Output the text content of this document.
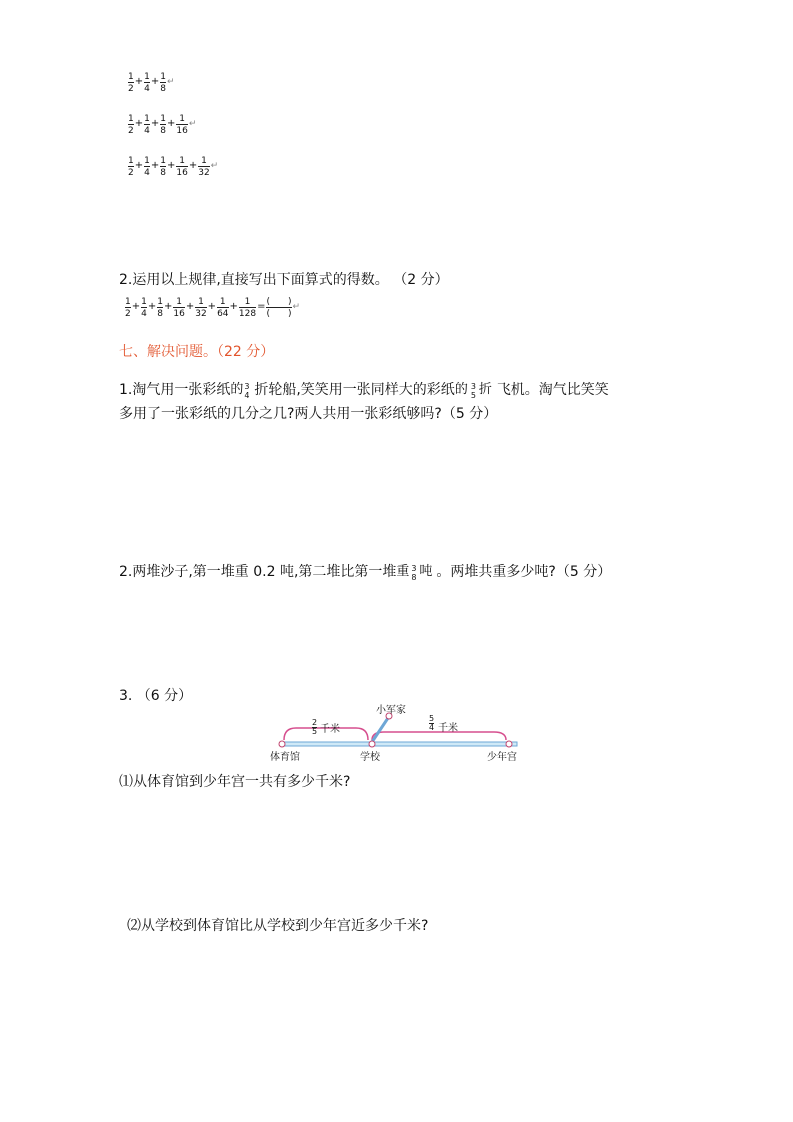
$\frac{1}{2} + \frac{1}{4} + \frac{1}{8}$ ↵
$\frac{1}{2} + \frac{1}{4} + \frac{1}{8} + \frac{1}{16}$ ↵
$\frac{1}{2} + \frac{1}{4} + \frac{1}{8} + \frac{1}{16} + \frac{1}{32}$ ↵
2.运用以上规律,直接写出下面算式的得数。 （2 分）
$\frac{1}{2} + \frac{1}{4} + \frac{1}{8} + \frac{1}{16} + \frac{1}{32} + \frac{1}{64} + \frac{1}{128} = \frac{( )}{( )}$ ↵
七、解决问题。（22 分）
1.淘气用一张彩纸 的 3
4 折轮船,笑笑用一张同样大的彩纸 的 3
5 折 飞机。淘气比笑笑
多用了一张彩纸的几分之几?两人共用一张彩纸够吗?（5 分）
2.两堆沙子,第一堆重 0.2 吨,第二堆比第一堆 重 3
8 吨 。两堆共重多少吨?（5 分）
3. （6 分）
2
5 千米
5
4 千米
小军家
体育馆	学校	少年宫
⑴从体育馆到少年宫一共有多少千米?
⑵从学校到体育馆比从学校到少年宫近多少千米?
